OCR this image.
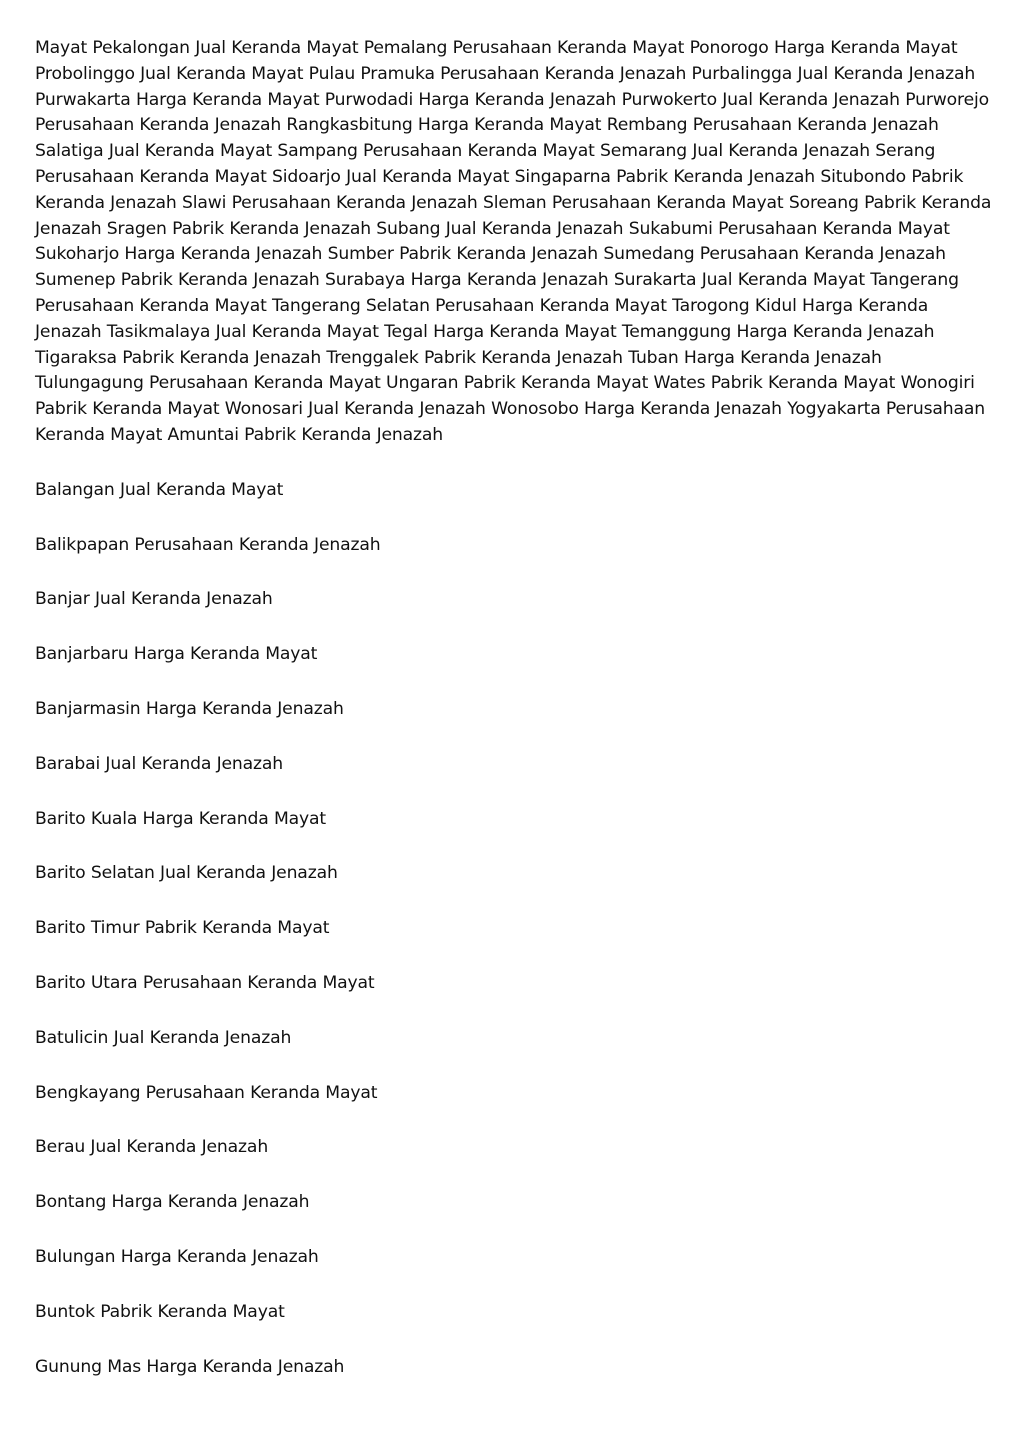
Mayat Pekalongan Jual Keranda Mayat Pemalang Perusahaan Keranda Mayat Ponorogo Harga Keranda Mayat Probolinggo Jual Keranda Mayat Pulau Pramuka Perusahaan Keranda Jenazah Purbalingga Jual Keranda Jenazah Purwakarta Harga Keranda Mayat Purwodadi Harga Keranda Jenazah Purwokerto Jual Keranda Jenazah Purworejo Perusahaan Keranda Jenazah Rangkasbitung Harga Keranda Mayat Rembang Perusahaan Keranda Jenazah Salatiga Jual Keranda Mayat Sampang Perusahaan Keranda Mayat Semarang Jual Keranda Jenazah Serang Perusahaan Keranda Mayat Sidoarjo Jual Keranda Mayat Singaparna Pabrik Keranda Jenazah Situbondo Pabrik Keranda Jenazah Slawi Perusahaan Keranda Jenazah Sleman Perusahaan Keranda Mayat Soreang Pabrik Keranda Jenazah Sragen Pabrik Keranda Jenazah Subang Jual Keranda Jenazah Sukabumi Perusahaan Keranda Mayat Sukoharjo Harga Keranda Jenazah Sumber Pabrik Keranda Jenazah Sumedang Perusahaan Keranda Jenazah Sumenep Pabrik Keranda Jenazah Surabaya Harga Keranda Jenazah Surakarta Jual Keranda Mayat Tangerang Perusahaan Keranda Mayat Tangerang Selatan Perusahaan Keranda Mayat Tarogong Kidul Harga Keranda Jenazah Tasikmalaya Jual Keranda Mayat Tegal Harga Keranda Mayat Temanggung Harga Keranda Jenazah Tigaraksa Pabrik Keranda Jenazah Trenggalek Pabrik Keranda Jenazah Tuban Harga Keranda Jenazah Tulungagung Perusahaan Keranda Mayat Ungaran Pabrik Keranda Mayat Wates Pabrik Keranda Mayat Wonogiri Pabrik Keranda Mayat Wonosari Jual Keranda Jenazah Wonosobo Harga Keranda Jenazah Yogyakarta Perusahaan Keranda Mayat Amuntai Pabrik Keranda Jenazah

Balangan Jual Keranda Mayat
Balikpapan Perusahaan Keranda Jenazah
Banjar Jual Keranda Jenazah
Banjarbaru Harga Keranda Mayat
Banjarmasin Harga Keranda Jenazah
Barabai Jual Keranda Jenazah
Barito Kuala Harga Keranda Mayat
Barito Selatan Jual Keranda Jenazah
Barito Timur Pabrik Keranda Mayat
Barito Utara Perusahaan Keranda Mayat
Batulicin Jual Keranda Jenazah
Bengkayang Perusahaan Keranda Mayat
Berau Jual Keranda Jenazah
Bontang Harga Keranda Jenazah
Bulungan Harga Keranda Jenazah
Buntok Pabrik Keranda Mayat
Gunung Mas Harga Keranda Jenazah
